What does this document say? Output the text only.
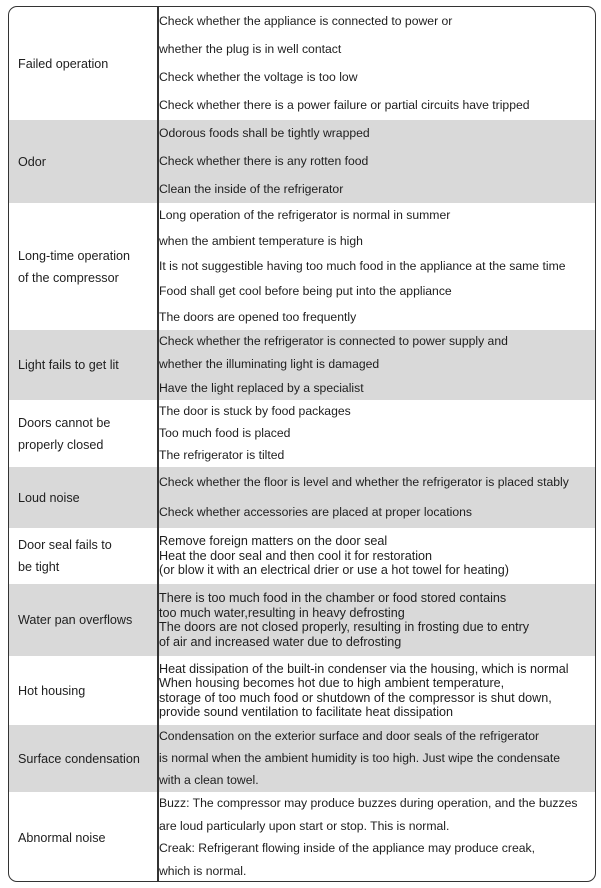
Failed operation
Check whether the appliance is connected to power or
whether the plug is in well contact
Check whether the voltage is too low
Check whether there is a power failure or partial circuits have tripped
Odor
Odorous foods shall be tightly wrapped
Check whether there is any rotten food
Clean the inside of the refrigerator
Long-time operation
of the compressor
Long operation of the refrigerator is normal in summer
when the ambient temperature is high
It is not suggestible having too much food in the appliance at the same time
Food shall get cool before being put into the appliance
The doors are opened too frequently
Light fails to get lit
Check whether the refrigerator is connected to power supply and
whether the illuminating light is damaged
Have the light replaced by a specialist
Doors cannot be
properly closed
The door is stuck by food packages
Too much food is placed
The refrigerator is tilted
Loud noise
Check whether the floor is level and whether the refrigerator is placed stably
Check whether accessories are placed at proper locations
Door seal fails to
be tight
Remove foreign matters on the door seal
Heat the door seal and then cool it for restoration
(or blow it with an electrical drier or use a hot towel for heating)
Water pan overflows
There is too much food in the chamber or food stored contains
too much water,resulting in heavy defrosting
The doors are not closed properly, resulting in frosting due to entry
of air and increased water due to defrosting
Hot housing
Heat dissipation of the built-in condenser via the housing, which is normal
When housing becomes hot due to high ambient temperature,
storage of too much food or shutdown of the compressor is shut down,
provide sound ventilation to facilitate heat dissipation
Surface condensation
Condensation on the exterior surface and door seals of the refrigerator
is normal when the ambient humidity is too high. Just wipe the condensate
with a clean towel.
Abnormal noise
Buzz: The compressor may produce buzzes during operation, and the buzzes
are loud particularly upon start or stop. This is normal.
Creak: Refrigerant flowing inside of the appliance may produce creak,
which is normal.
